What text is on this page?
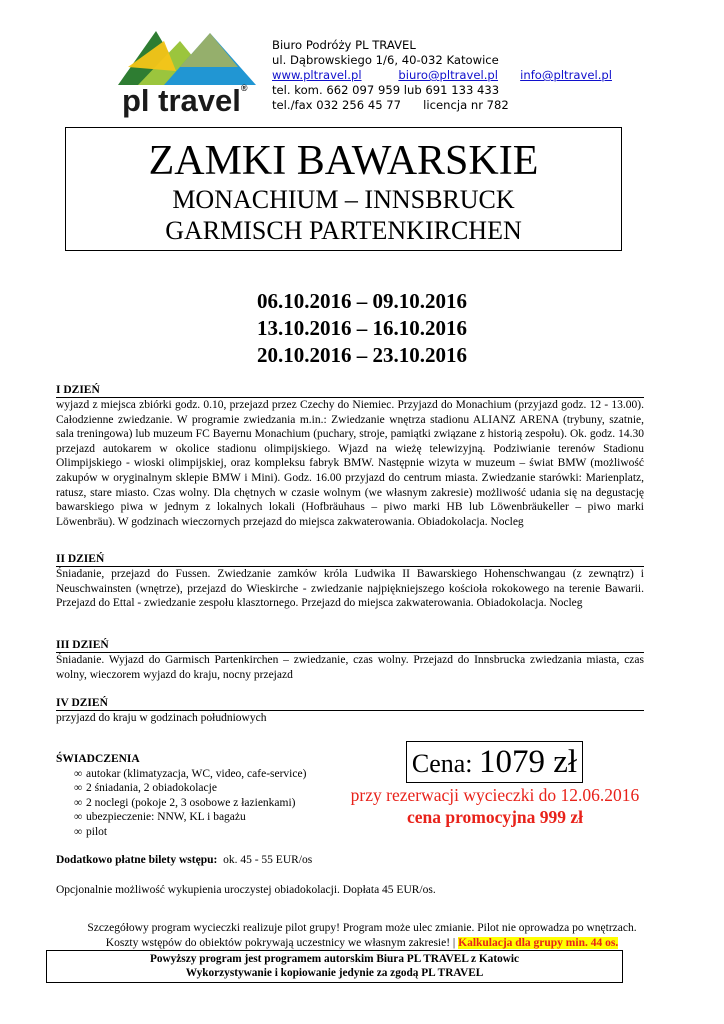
pl travel®
Biuro Podróży PL TRAVEL
ul. Dąbrowskiego 1/6, 40-032 Katowice
www.pltravel.pl	biuro@pltravel.pl info@pltravel.pl
tel. kom. 662 097 959 lub 691 133 433
tel./fax 032 256 45 77 licencja nr 782
ZAMKI BAWARSKIE
MONACHIUM – INNSBRUCK
GARMISCH PARTENKIRCHEN
06.10.2016 – 09.10.2016
13.10.2016 – 16.10.2016
20.10.2016 – 23.10.2016
I DZIEŃ
wyjazd z miejsca zbiórki godz. 0.10, przejazd przez Czechy do Niemiec. Przyjazd do Monachium (przyjazd godz. 12 - 13.00). Całodzienne zwiedzanie. W programie zwiedzania m.in.: Zwiedzanie wnętrza stadionu ALIANZ ARENA (trybuny, szatnie, sala treningowa) lub muzeum FC Bayernu Monachium (puchary, stroje, pamiątki związane z historią zespołu). Ok. godz. 14.30 przejazd autokarem w okolice stadionu olimpijskiego. Wjazd na wieżę telewizyjną. Podziwianie terenów Stadionu Olimpijskiego - wioski olimpijskiej, oraz kompleksu fabryk BMW. Następnie wizyta w muzeum – świat BMW (możliwość zakupów w oryginalnym sklepie BMW i Mini). Godz. 16.00 przyjazd do centrum miasta. Zwiedzanie starówki: Marienplatz, ratusz, stare miasto. Czas wolny. Dla chętnych w czasie wolnym (we własnym zakresie) możliwość udania się na degustację bawarskiego piwa w jednym z lokalnych lokali (Hofbräuhaus – piwo marki HB lub Löwenbräukeller – piwo marki Löwenbräu). W godzinach wieczornych przejazd do miejsca zakwaterowania. Obiadokolacja. Nocleg
II DZIEŃ
Śniadanie, przejazd do Fussen. Zwiedzanie zamków króla Ludwika II Bawarskiego Hohenschwangau (z zewnątrz) i Neuschwainsten (wnętrze), przejazd do Wieskirche - zwiedzanie najpiękniejszego kościoła rokokowego na terenie Bawarii. Przejazd do Ettal - zwiedzanie zespołu klasztornego. Przejazd do miejsca zakwaterowania. Obiadokolacja. Nocleg
III DZIEŃ
Śniadanie. Wyjazd do Garmisch Partenkirchen – zwiedzanie, czas wolny. Przejazd do Innsbrucka zwiedzania miasta, czas wolny, wieczorem wyjazd do kraju, nocny przejazd
IV DZIEŃ
przyjazd do kraju w godzinach południowych
ŚWIADCZENIA
∞ autokar (klimatyzacja, WC, video, cafe-service)
∞ 2 śniadania, 2 obiadokolacje
∞ 2 noclegi (pokoje 2, 3 osobowe z łazienkami)
∞ ubezpieczenie: NNW, KL i bagażu
∞ pilot
Cena: 1079 zł
przy rezerwacji wycieczki do 12.06.2016
cena promocyjna 999 zł
Dodatkowo płatne bilety wstępu: ok. 45 - 55 EUR/os
Opcjonalnie możliwość wykupienia uroczystej obiadokolacji. Dopłata 45 EUR/os.
Szczegółowy program wycieczki realizuje pilot grupy! Program może ulec zmianie. Pilot nie oprowadza po wnętrzach.
Koszty wstępów do obiektów pokrywają uczestnicy we własnym zakresie! | Kalkulacja dla grupy min. 44 os.
Powyższy program jest programem autorskim Biura PL TRAVEL z Katowic
Wykorzystywanie i kopiowanie jedynie za zgodą PL TRAVEL
